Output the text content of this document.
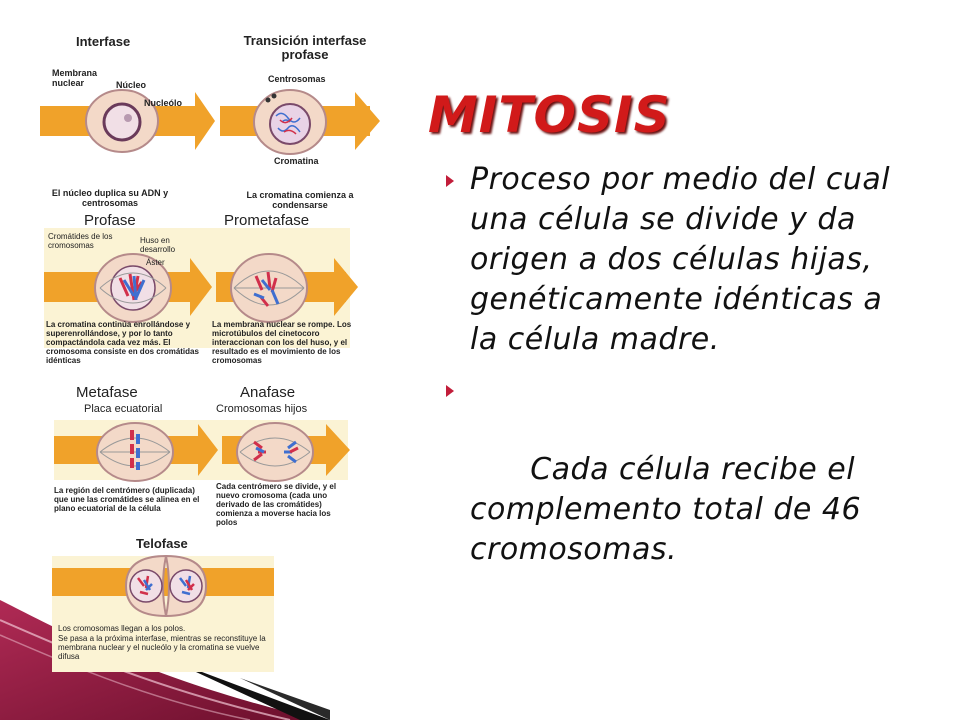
Interfase	Transición interfase profase
Membrana nuclear	Núcleo
Nucleólo
Centrosomas
Cromatina
El núcleo duplica su ADN y centrosomas
La cromatina comienza a condensarse
Profase	Prometafase
Cromátides de los cromosomas
Huso en desarrollo
Áster
La cromatina continúa enrollándose y superenrollándose, y por lo tanto compactándola cada vez más. El cromosoma consiste en dos cromátidas idénticas
La membrana nuclear se rompe. Los microtúbulos del cinetocoro interaccionan con los del huso, y el resultado es el movimiento de los cromosomas
Metafase	Anafase
Placa ecuatorial	Cromosomas hijos
La región del centrómero (duplicada) que une las cromátides se alinea en el plano ecuatorial de la célula
Cada centrómero se divide, y el nuevo cromosoma (cada uno derivado de las cromátides) comienza a moverse hacia los polos
Telofase
Los cromosomas llegan a los polos.
Se pasa a la próxima interfase, mientras se reconstituye la membrana nuclear y el nucleólo y la cromatina se vuelve difusa
MITOSIS
Proceso por medio del cual una célula se divide y da origen a dos células hijas, genéticamente idénticas a la célula madre.

Cada célula recibe el complemento total de 46 cromosomas.
